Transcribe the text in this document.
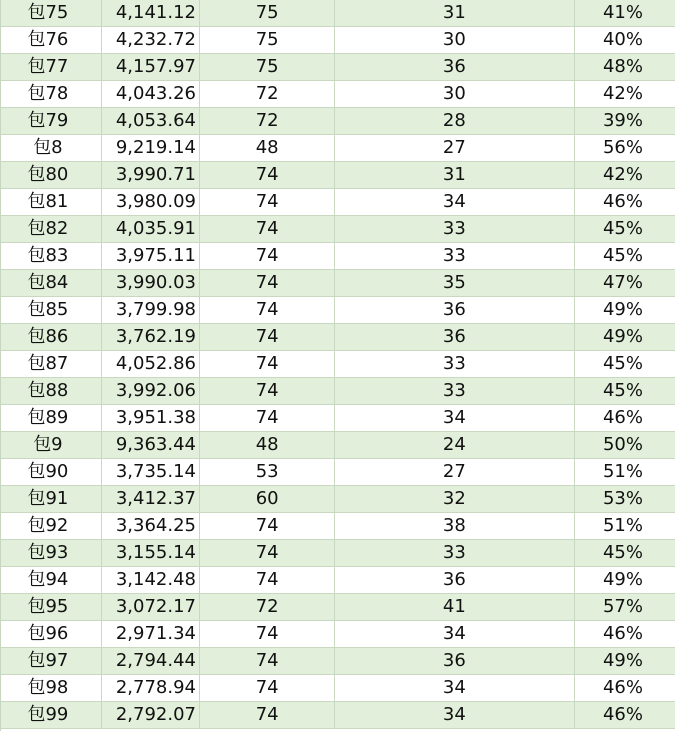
包75	4,141.12	75	31	41%
包76	4,232.72	75	30	40%
包77	4,157.97	75	36	48%
包78	4,043.26	72	30	42%
包79	4,053.64	72	28	39%
包8	9,219.14	48	27	56%
包80	3,990.71	74	31	42%
包81	3,980.09	74	34	46%
包82	4,035.91	74	33	45%
包83	3,975.11	74	33	45%
包84	3,990.03	74	35	47%
包85	3,799.98	74	36	49%
包86	3,762.19	74	36	49%
包87	4,052.86	74	33	45%
包88	3,992.06	74	33	45%
包89	3,951.38	74	34	46%
包9	9,363.44	48	24	50%
包90	3,735.14	53	27	51%
包91	3,412.37	60	32	53%
包92	3,364.25	74	38	51%
包93	3,155.14	74	33	45%
包94	3,142.48	74	36	49%
包95	3,072.17	72	41	57%
包96	2,971.34	74	34	46%
包97	2,794.44	74	36	49%
包98	2,778.94	74	34	46%
包99	2,792.07	74	34	46%
